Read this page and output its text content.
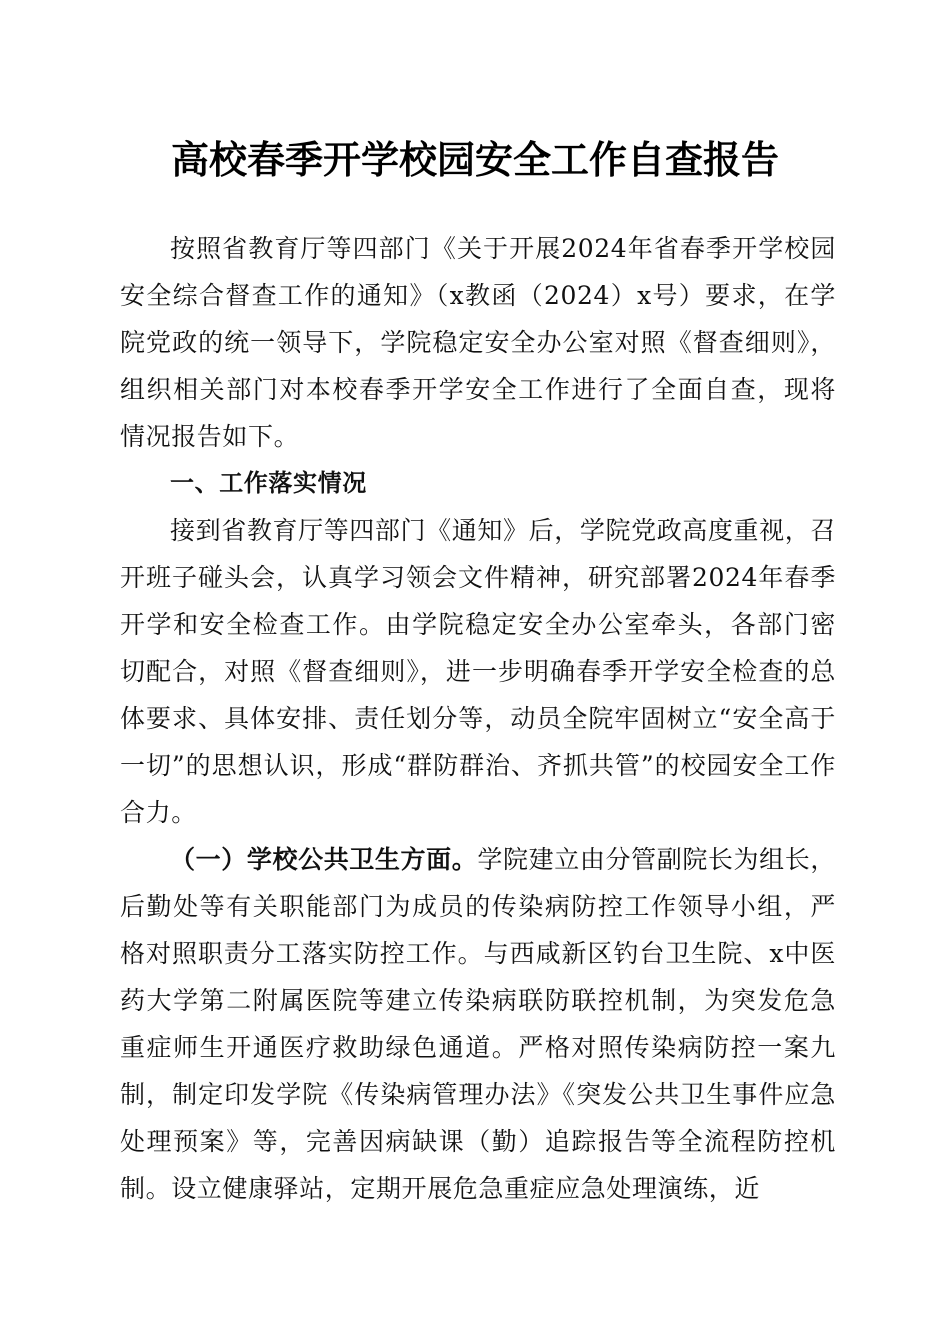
高校春季开学校园安全工作自查报告

按照省教育厅等四部门《关于开展2024年省春季开学校园安全综合督查工作的通知》（x教函（2024）x号）要求，在学院党政的统一领导下，学院稳定安全办公室对照《督查细则》，组织相关部门对本校春季开学安全工作进行了全面自查，现将情况报告如下。

一、工作落实情况

接到省教育厅等四部门《通知》后，学院党政高度重视，召开班子碰头会，认真学习领会文件精神，研究部署2024年春季开学和安全检查工作。由学院稳定安全办公室牵头，各部门密切配合，对照《督查细则》，进一步明确春季开学安全检查的总体要求、具体安排、责任划分等，动员全院牢固树立“安全高于一切”的思想认识，形成“群防群治、齐抓共管”的校园安全工作合力。

（一）学校公共卫生方面。学院建立由分管副院长为组长，后勤处等有关职能部门为成员的传染病防控工作领导小组，严格对照职责分工落实防控工作。与西咸新区钓台卫生院、x中医药大学第二附属医院等建立传染病联防联控机制，为突发危急重症师生开通医疗救助绿色通道。严格对照传染病防控一案九制，制定印发学院《传染病管理办法》《突发公共卫生事件应急处理预案》等，完善因病缺课（勤）追踪报告等全流程防控机制。设立健康驿站，定期开展危急重症应急处理演练，近
